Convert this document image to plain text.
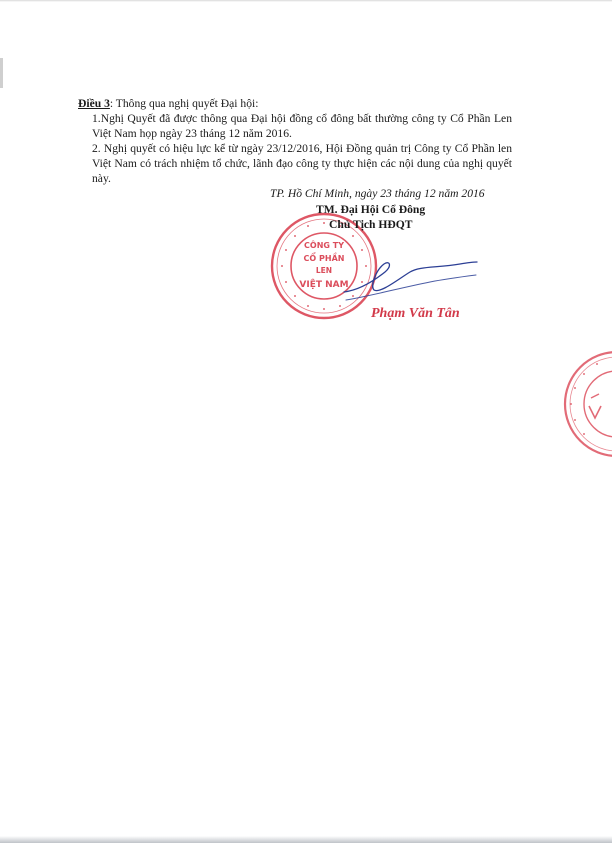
Điều 3: Thông qua nghị quyết Đại hội:

1.Nghị Quyết đã được thông qua Đại hội đồng cổ đông bất thường công ty Cổ Phần Len Việt Nam họp ngày 23 tháng 12 năm 2016.

2. Nghị quyết có hiệu lực kể từ ngày 23/12/2016, Hội Đồng quản trị Công ty Cổ Phần len Việt Nam có trách nhiệm tổ chức, lãnh đạo công ty thực hiện các nội dung của nghị quyết này.

TP. Hồ Chí Minh, ngày 23 tháng 12 năm 2016
CÔNG TY
CỔ PHẦN
LEN
VIỆT NAM
TM. Đại Hội Cổ Đông
Chủ Tịch HĐQT
Phạm Văn Tân
